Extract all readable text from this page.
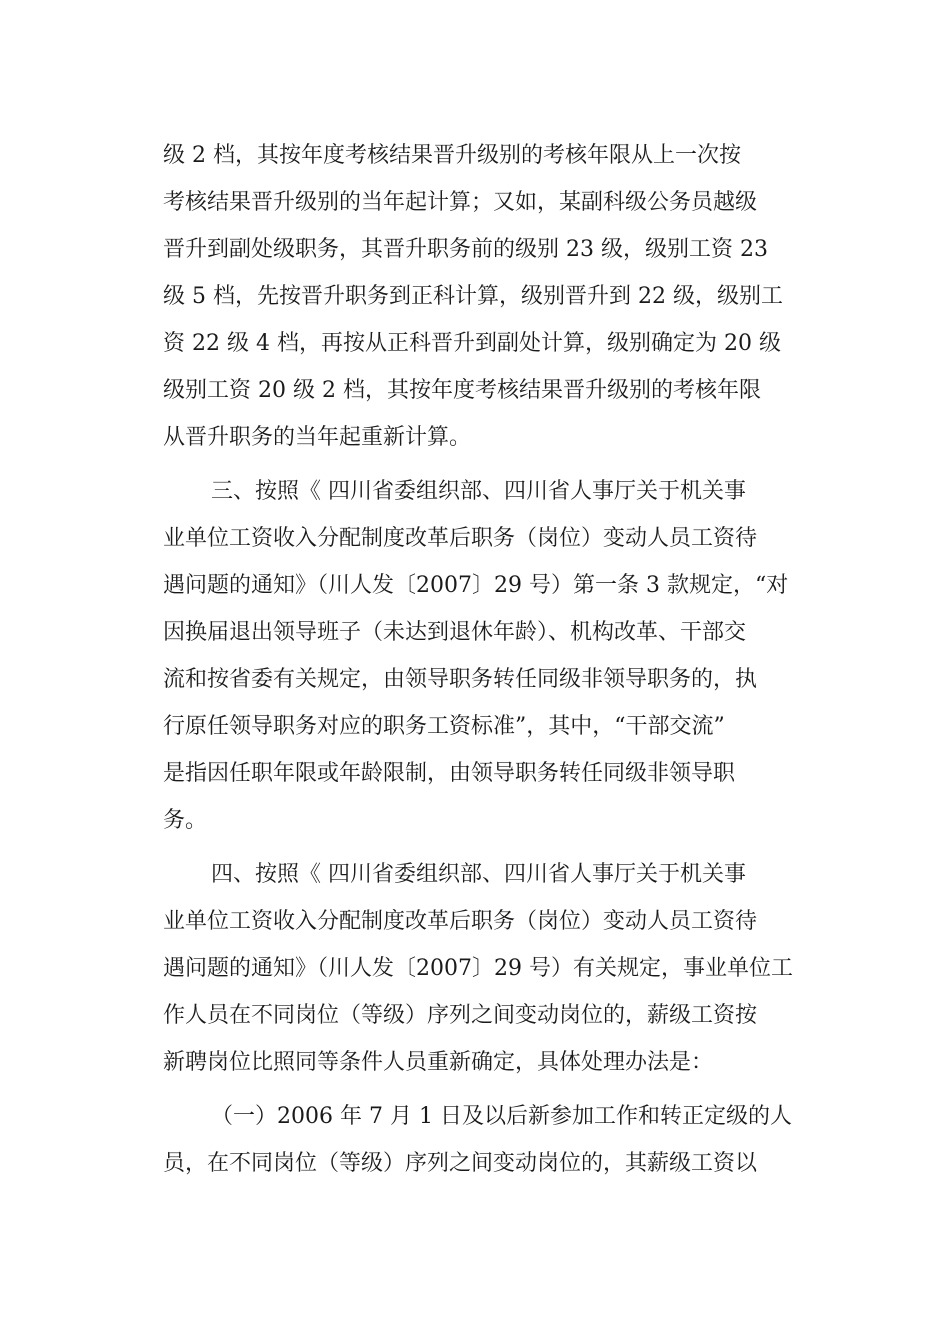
级 2 档，其按年度考核结果晋升级别的考核年限从上一次按
考核结果晋升级别的当年起计算；又如，某副科级公务员越级
晋升到副处级职务，其晋升职务前的级别 23 级，级别工资 23
级 5 档，先按晋升职务到正科计算，级别晋升到 22 级，级别工
资 22 级 4 档，再按从正科晋升到副处计算，级别确定为 20 级
级别工资 20 级 2 档，其按年度考核结果晋升级别的考核年限
从晋升职务的当年起重新计算。
三、按照《 四川省委组织部、四川省人事厅关于机关事
业单位工资收入分配制度改革后职务（岗位）变动人员工资待
遇问题的通知》（川人发〔2007〕29 号）第一条 3 款规定，“对
因换届退出领导班子（未达到退休年龄）、机构改革、干部交
流和按省委有关规定，由领导职务转任同级非领导职务的，执
行原任领导职务对应的职务工资标准”，其中，“干部交流”
是指因任职年限或年龄限制，由领导职务转任同级非领导职
务。
四、按照《 四川省委组织部、四川省人事厅关于机关事
业单位工资收入分配制度改革后职务（岗位）变动人员工资待
遇问题的通知》（川人发〔2007〕29 号）有关规定，事业单位工
作人员在不同岗位（等级）序列之间变动岗位的，薪级工资按
新聘岗位比照同等条件人员重新确定，具体处理办法是：
（一）2006 年 7 月 1 日及以后新参加工作和转正定级的人
员，在不同岗位（等级）序列之间变动岗位的，其薪级工资以
